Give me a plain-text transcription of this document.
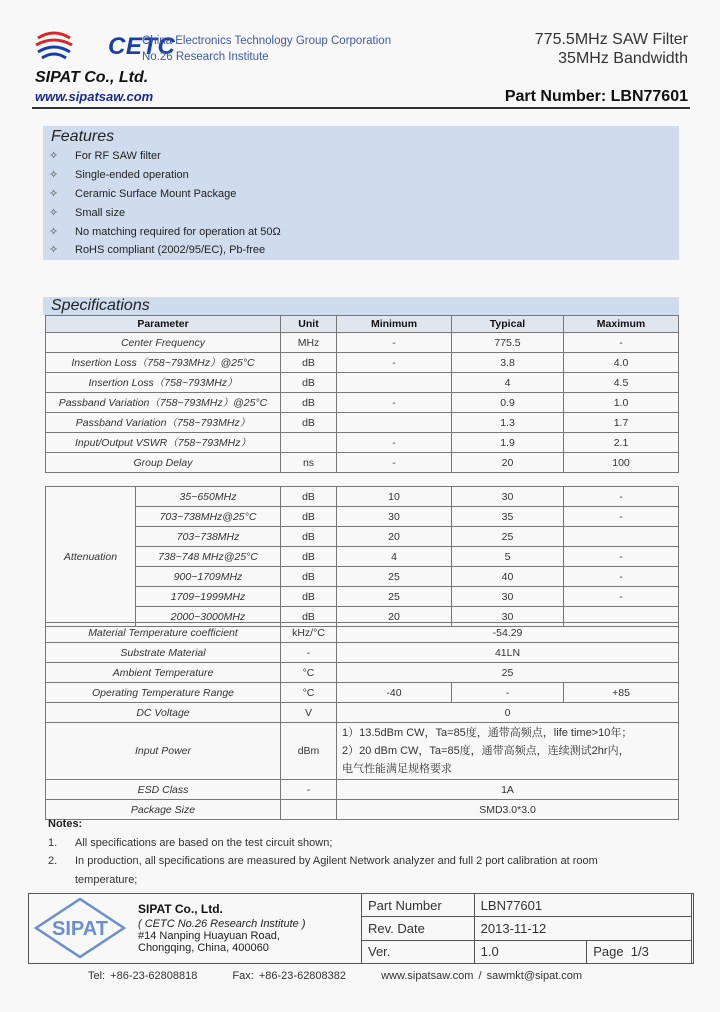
CETC
China Electronics Technology Group Corporation
No.26 Research Institute
775.5MHz SAW Filter
35MHz Bandwidth
SIPAT Co., Ltd.
www.sipatsaw.com	Part Number: LBN77601
Features
✧ For RF SAW filter
✧ Single-ended operation
✧ Ceramic Surface Mount Package
✧ Small size
✧ No matching required for operation at 50Ω
✧ RoHS compliant (2002/95/EC), Pb-free
Specifications
Parameter	Unit	Minimum	Typical	Maximum
Center Frequency	MHz	-	775.5	-
Insertion Loss（758~793MHz）@25°C	dB	-	3.8	4.0
Insertion Loss（758~793MHz）	dB		4	4.5
Passband Variation（758~793MHz）@25°C	dB	-	0.9	1.0
Passband Variation（758~793MHz）	dB		1.3	1.7
Input/Output VSWR（758~793MHz）		-	1.9	2.1
Group Delay	ns	-	20	100
Attenuation	35~650MHz	dB	10	30	-
	703~738MHz@25°C	dB	30	35	-
	703~738MHz	dB	20	25	
	738~748 MHz@25°C	dB	4	5	-
	900~1709MHz	dB	25	40	-
	1709~1999MHz	dB	25	30	-
	2000~3000MHz	dB	20	30	
Material Temperature coefficient	kHz/°C	-54.29		
Substrate Material	-	41LN		
Ambient Temperature	°C	25		
Operating Temperature Range	°C	-40	-	+85
DC Voltage	V	0		
Input Power	dBm	1）13.5dBm CW，Ta=85度，通带高频点，life time>10年；
2）20 dBm CW，Ta=85度，通带高频点，连续测试2hr内，
电气性能满足规格要求		

ESD Class	-	1A		
Package Size		SMD3.0*3.0		
Notes:
1. All specifications are based on the test circuit shown;
2. In production, all specifications are measured by Agilent Network analyzer and full 2 port calibration at room
temperature;
SIPAT
SIPAT Co., Ltd.
( CETC No.26 Research Institute )
#14 Nanping Huayuan Road,
Chongqing, China, 400060
Part Number	LBN77601	
Rev. Date	2013-11-12	
Ver.	1.0	Page 1/3
Tel: +86-23-62808818	Fax: +86-23-62808382	www.sipatsaw.com / sawmkt@sipat.com
